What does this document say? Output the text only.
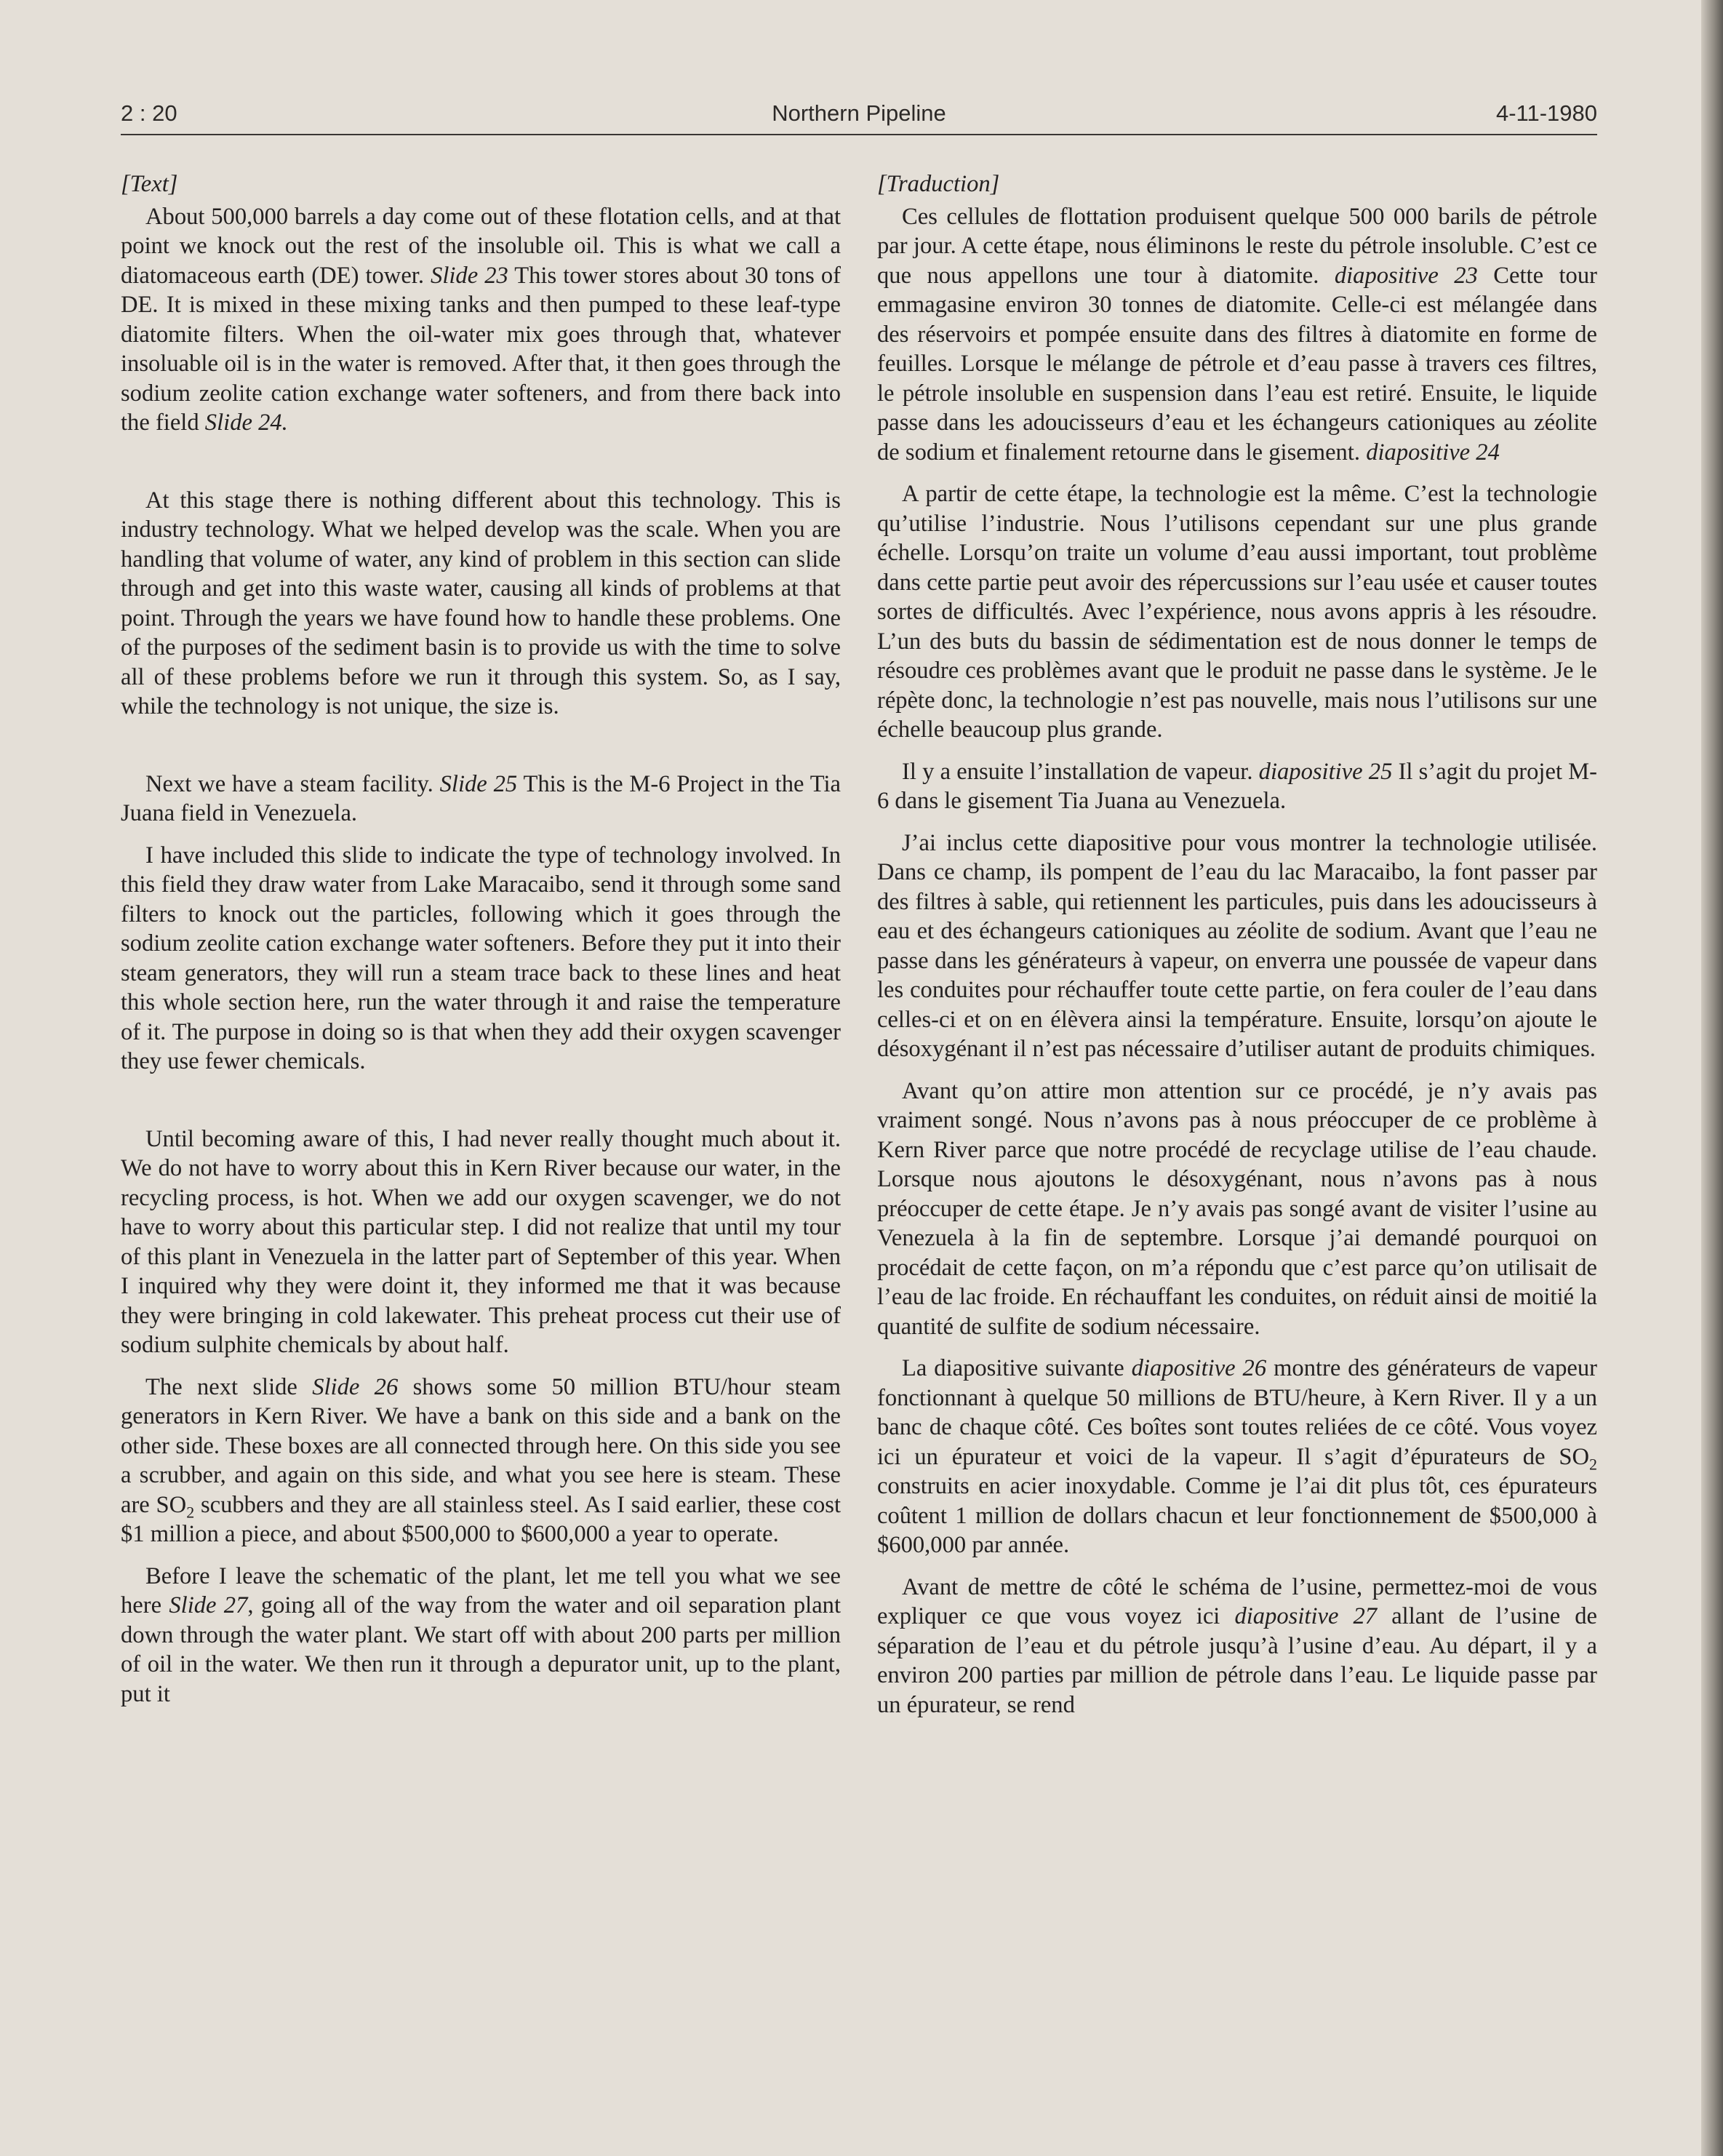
2 : 20	Northern Pipeline	4-11-1980
[Text]

About 500,000 barrels a day come out of these flotation cells, and at that point we knock out the rest of the insoluble oil. This is what we call a diatomaceous earth (DE) tower. Slide 23 This tower stores about 30 tons of DE. It is mixed in these mixing tanks and then pumped to these leaf-type diatomite filters. When the oil-water mix goes through that, whatever insoluable oil is in the water is removed. After that, it then goes through the sodium zeolite cation exchange water softeners, and from there back into the field Slide 24.

At this stage there is nothing different about this technology. This is industry technology. What we helped develop was the scale. When you are handling that volume of water, any kind of problem in this section can slide through and get into this waste water, causing all kinds of problems at that point. Through the years we have found how to handle these problems. One of the purposes of the sediment basin is to provide us with the time to solve all of these problems before we run it through this system. So, as I say, while the technology is not unique, the size is.

Next we have a steam facility. Slide 25 This is the M-6 Project in the Tia Juana field in Venezuela.

I have included this slide to indicate the type of technology involved. In this field they draw water from Lake Maracaibo, send it through some sand filters to knock out the particles, following which it goes through the sodium zeolite cation exchange water softeners. Before they put it into their steam generators, they will run a steam trace back to these lines and heat this whole section here, run the water through it and raise the temperature of it. The purpose in doing so is that when they add their oxygen scavenger they use fewer chemicals.

Until becoming aware of this, I had never really thought much about it. We do not have to worry about this in Kern River because our water, in the recycling process, is hot. When we add our oxygen scavenger, we do not have to worry about this particular step. I did not realize that until my tour of this plant in Venezuela in the latter part of September of this year. When I inquired why they were doint it, they informed me that it was because they were bringing in cold lakewater. This preheat process cut their use of sodium sulphite chemicals by about half.

The next slide Slide 26 shows some 50 million BTU/hour steam generators in Kern River. We have a bank on this side and a bank on the other side. These boxes are all connected through here. On this side you see a scrubber, and again on this side, and what you see here is steam. These are $SO_2$ scubbers and they are all stainless steel. As I said earlier, these cost $1 million a piece, and about $500,000 to $600,000 a year to operate.

Before I leave the schematic of the plant, let me tell you what we see here Slide 27, going all of the way from the water and oil separation plant down through the water plant. We start off with about 200 parts per million of oil in the water. We then run it through a depurator unit, up to the plant, put it

[Traduction]

Ces cellules de flottation produisent quelque 500 000 barils de pétrole par jour. A cette étape, nous éliminons le reste du pétrole insoluble. C’est ce que nous appellons une tour à diatomite. diapositive 23 Cette tour emmagasine environ 30 tonnes de diatomite. Celle-ci est mélangée dans des réservoirs et pompée ensuite dans des filtres à diatomite en forme de feuilles. Lorsque le mélange de pétrole et d’eau passe à travers ces filtres, le pétrole insoluble en suspension dans l’eau est retiré. Ensuite, le liquide passe dans les adoucisseurs d’eau et les échangeurs cationiques au zéolite de sodium et finalement retourne dans le gisement. diapositive 24

A partir de cette étape, la technologie est la même. C’est la technologie qu’utilise l’industrie. Nous l’utilisons cependant sur une plus grande échelle. Lorsqu’on traite un volume d’eau aussi important, tout problème dans cette partie peut avoir des répercussions sur l’eau usée et causer toutes sortes de difficultés. Avec l’expérience, nous avons appris à les résoudre. L’un des buts du bassin de sédimentation est de nous donner le temps de résoudre ces problèmes avant que le produit ne passe dans le système. Je le répète donc, la technologie n’est pas nouvelle, mais nous l’utilisons sur une échelle beaucoup plus grande.

Il y a ensuite l’installation de vapeur. diapositive 25 Il s’agit du projet M-6 dans le gisement Tia Juana au Venezuela.

J’ai inclus cette diapositive pour vous montrer la technologie utilisée. Dans ce champ, ils pompent de l’eau du lac Maracaibo, la font passer par des filtres à sable, qui retiennent les particules, puis dans les adoucisseurs à eau et des échangeurs cationiques au zéolite de sodium. Avant que l’eau ne passe dans les générateurs à vapeur, on enverra une poussée de vapeur dans les conduites pour réchauffer toute cette partie, on fera couler de l’eau dans celles-ci et on en élèvera ainsi la température. Ensuite, lorsqu’on ajoute le désoxygénant il n’est pas nécessaire d’utiliser autant de produits chimiques.

Avant qu’on attire mon attention sur ce procédé, je n’y avais pas vraiment songé. Nous n’avons pas à nous préoccuper de ce problème à Kern River parce que notre procédé de recyclage utilise de l’eau chaude. Lorsque nous ajoutons le désoxygénant, nous n’avons pas à nous préoccuper de cette étape. Je n’y avais pas songé avant de visiter l’usine au Venezuela à la fin de septembre. Lorsque j’ai demandé pourquoi on procédait de cette façon, on m’a répondu que c’est parce qu’on utilisait de l’eau de lac froide. En réchauffant les conduites, on réduit ainsi de moitié la quantité de sulfite de sodium nécessaire.

La diapositive suivante diapositive 26 montre des générateurs de vapeur fonctionnant à quelque 50 millions de BTU/heure, à Kern River. Il y a un banc de chaque côté. Ces boîtes sont toutes reliées de ce côté. Vous voyez ici un épurateur et voici de la vapeur. Il s’agit d’épurateurs de $SO_2$ construits en acier inoxydable. Comme je l’ai dit plus tôt, ces épurateurs coûtent 1 million de dollars chacun et leur fonctionnement de $500,000 à $600,000 par année.

Avant de mettre de côté le schéma de l’usine, permettez-moi de vous expliquer ce que vous voyez ici diapositive 27 allant de l’usine de séparation de l’eau et du pétrole jusqu’à l’usine d’eau. Au départ, il y a environ 200 parties par million de pétrole dans l’eau. Le liquide passe par un épurateur, se rend
